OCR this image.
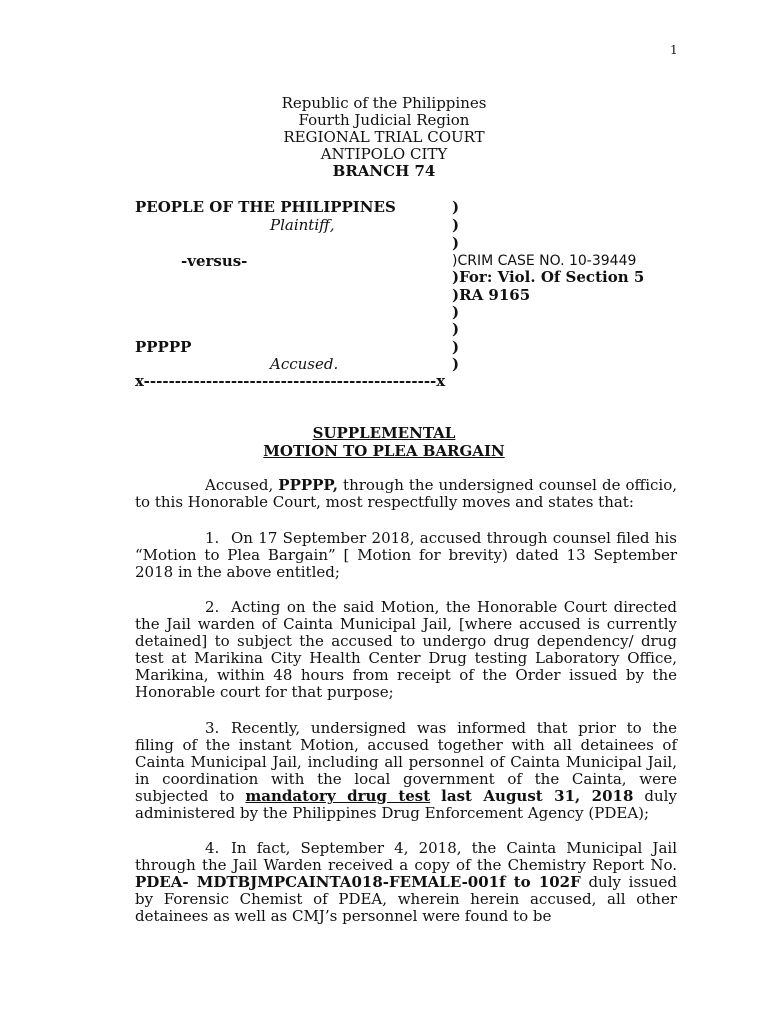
1
Republic of the Philippines
Fourth Judicial Region
REGIONAL TRIAL COURT
ANTIPOLO CITY
BRANCH 74
PEOPLE OF THE PHILIPPINES
Plaintiff,
-versus-
PPPPP
Accused.
x-----------------------------------------------x
)
)
)
)CRIM CASE NO. 10-39449
)For: Viol. Of Section 5
)RA 9165
)
)
)
)
SUPPLEMENTAL
MOTION TO PLEA BARGAIN

Accused, PPPPP, through the undersigned counsel de officio, to this Honorable Court, most respectfully moves and states that:

1. On 17 September 2018, accused through counsel filed his “Motion to Plea Bargain” [ Motion for brevity) dated 13 September 2018 in the above entitled;

2. Acting on the said Motion, the Honorable Court directed the Jail warden of Cainta Municipal Jail, [where accused is currently detained] to subject the accused to undergo drug dependency/ drug test at Marikina City Health Center Drug testing Laboratory Office, Marikina, within 48 hours from receipt of the Order issued by the Honorable court for that purpose;

3. Recently, undersigned was informed that prior to the filing of the instant Motion, accused together with all detainees of Cainta Municipal Jail, including all personnel of Cainta Municipal Jail, in coordination with the local government of the Cainta, were subjected to mandatory drug test last August 31, 2018 duly administered by the Philippines Drug Enforcement Agency (PDEA);

4. In fact, September 4, 2018, the Cainta Municipal Jail through the Jail Warden received a copy of the Chemistry Report No. PDEA- MDTBJMPCAINTA018-FEMALE-001f to 102F duly issued by Forensic Chemist of PDEA, wherein herein accused, all other detainees as well as CMJ’s personnel were found to be
